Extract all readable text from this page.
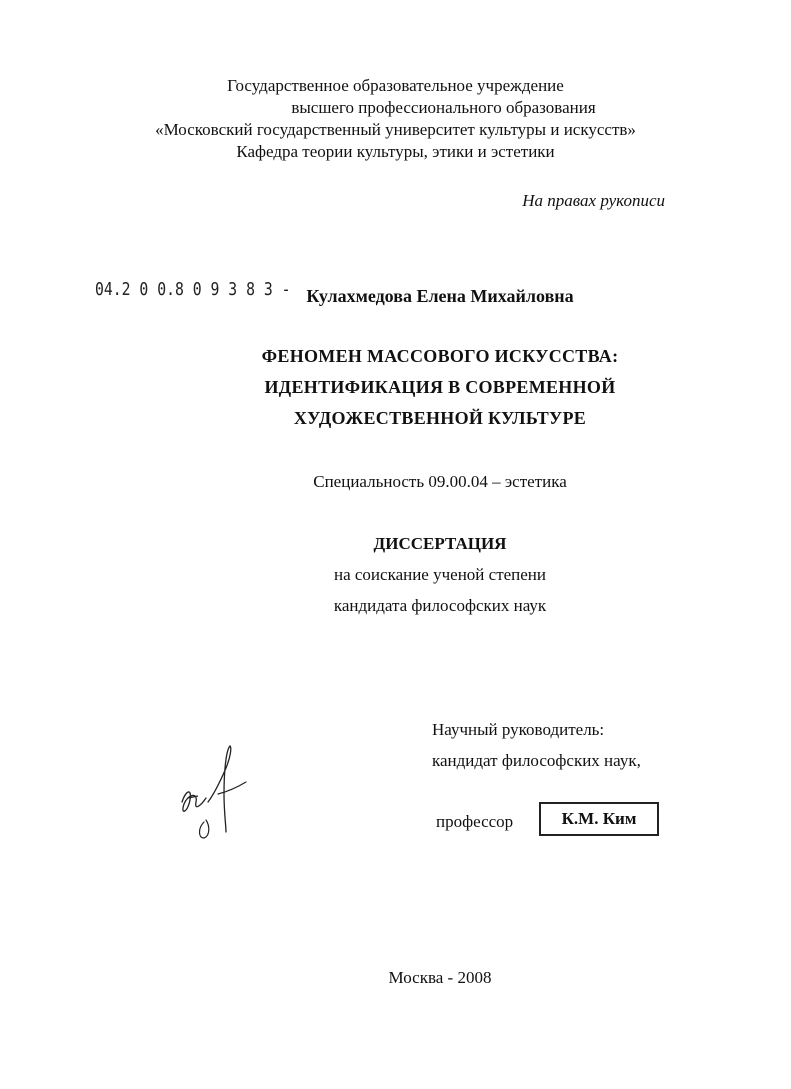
Государственное образовательное учреждение
высшего профессионального образования
«Московский государственный университет культуры и искусств»
Кафедра теории культуры, этики и эстетики
На правах рукописи
04.2 0 0.8 0 9 3 8 3 - Кулахмедова Елена Михайловна
ФЕНОМЕН МАССОВОГО ИСКУССТВА:
ИДЕНТИФИКАЦИЯ В СОВРЕМЕННОЙ
ХУДОЖЕСТВЕННОЙ КУЛЬТУРЕ
Специальность 09.00.04 – эстетика
ДИССЕРТАЦИЯ
на соискание ученой степени
кандидата философских наук
Научный руководитель:
кандидат философских наук,
профессор	К.М. Ким
Москва - 2008
